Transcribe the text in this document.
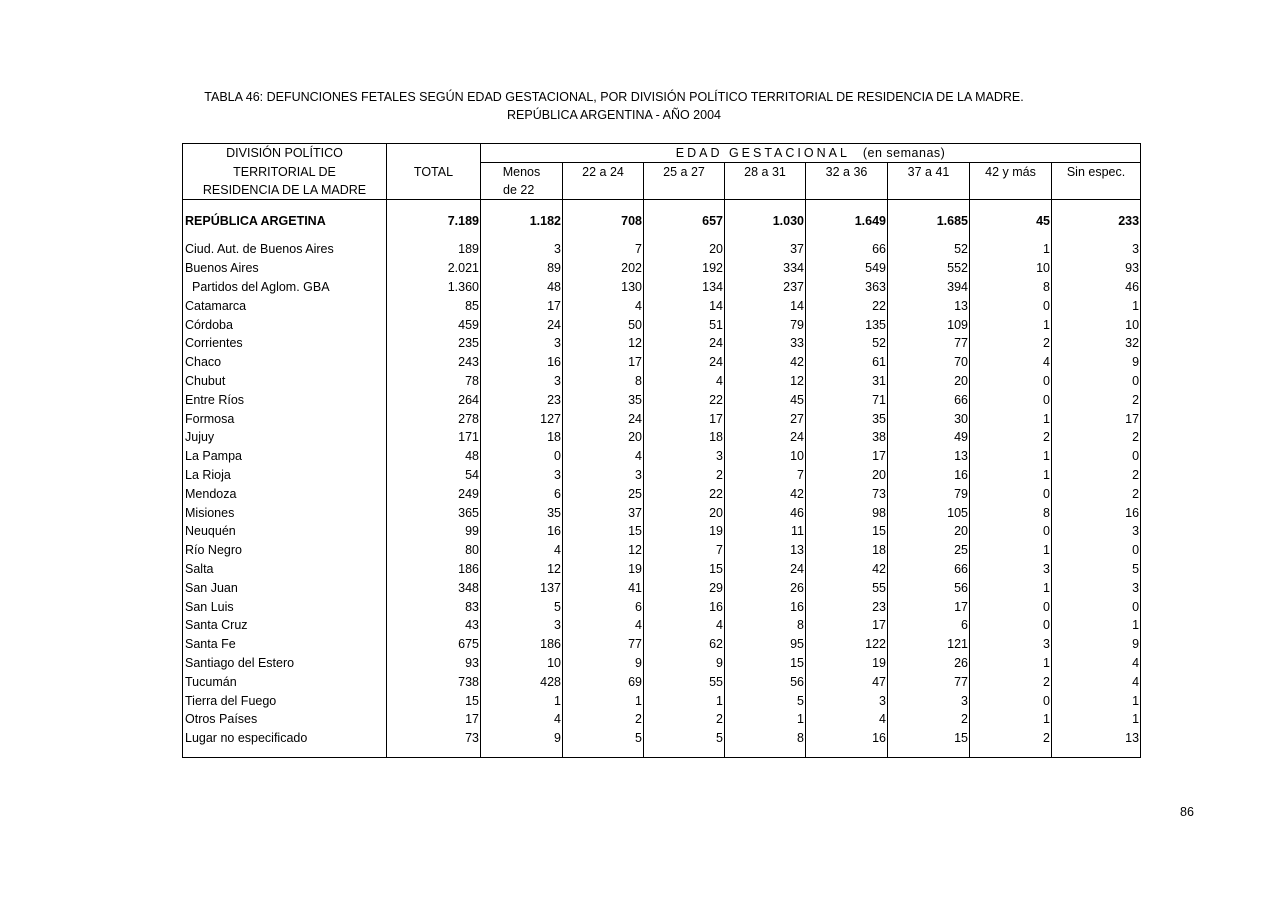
TABLA 46: DEFUNCIONES FETALES SEGÚN EDAD GESTACIONAL, POR DIVISIÓN POLÍTICO TERRITORIAL DE RESIDENCIA DE LA MADRE.
REPÚBLICA ARGENTINA - AÑO 2004
DIVISIÓN POLÍTICO		EDAD GESTACIONAL (en semanas)							
TERRITORIAL DE	TOTAL	Menos	22 a 24	25 a 27	28 a 31	32 a 36	37 a 41	42 y más	Sin espec.
RESIDENCIA DE LA MADRE		de 22							

REPÚBLICA ARGETINA	7.189	1.182	708	657	1.030	1.649	1.685	45	233

Ciud. Aut. de Buenos Aires	189	3	7	20	37	66	52	1	3
Buenos Aires	2.021	89	202	192	334	549	552	10	93
Partidos del Aglom. GBA	1.360	48	130	134	237	363	394	8	46
Catamarca	85	17	4	14	14	22	13	0	1
Córdoba	459	24	50	51	79	135	109	1	10
Corrientes	235	3	12	24	33	52	77	2	32
Chaco	243	16	17	24	42	61	70	4	9
Chubut	78	3	8	4	12	31	20	0	0
Entre Ríos	264	23	35	22	45	71	66	0	2
Formosa	278	127	24	17	27	35	30	1	17
Jujuy	171	18	20	18	24	38	49	2	2
La Pampa	48	0	4	3	10	17	13	1	0
La Rioja	54	3	3	2	7	20	16	1	2
Mendoza	249	6	25	22	42	73	79	0	2
Misiones	365	35	37	20	46	98	105	8	16
Neuquén	99	16	15	19	11	15	20	0	3
Río Negro	80	4	12	7	13	18	25	1	0
Salta	186	12	19	15	24	42	66	3	5
San Juan	348	137	41	29	26	55	56	1	3
San Luis	83	5	6	16	16	23	17	0	0
Santa Cruz	43	3	4	4	8	17	6	0	1
Santa Fe	675	186	77	62	95	122	121	3	9
Santiago del Estero	93	10	9	9	15	19	26	1	4
Tucumán	738	428	69	55	56	47	77	2	4
Tierra del Fuego	15	1	1	1	5	3	3	0	1
Otros Países	17	4	2	2	1	4	2	1	1
Lugar no especificado	73	9	5	5	8	16	15	2	13

86
